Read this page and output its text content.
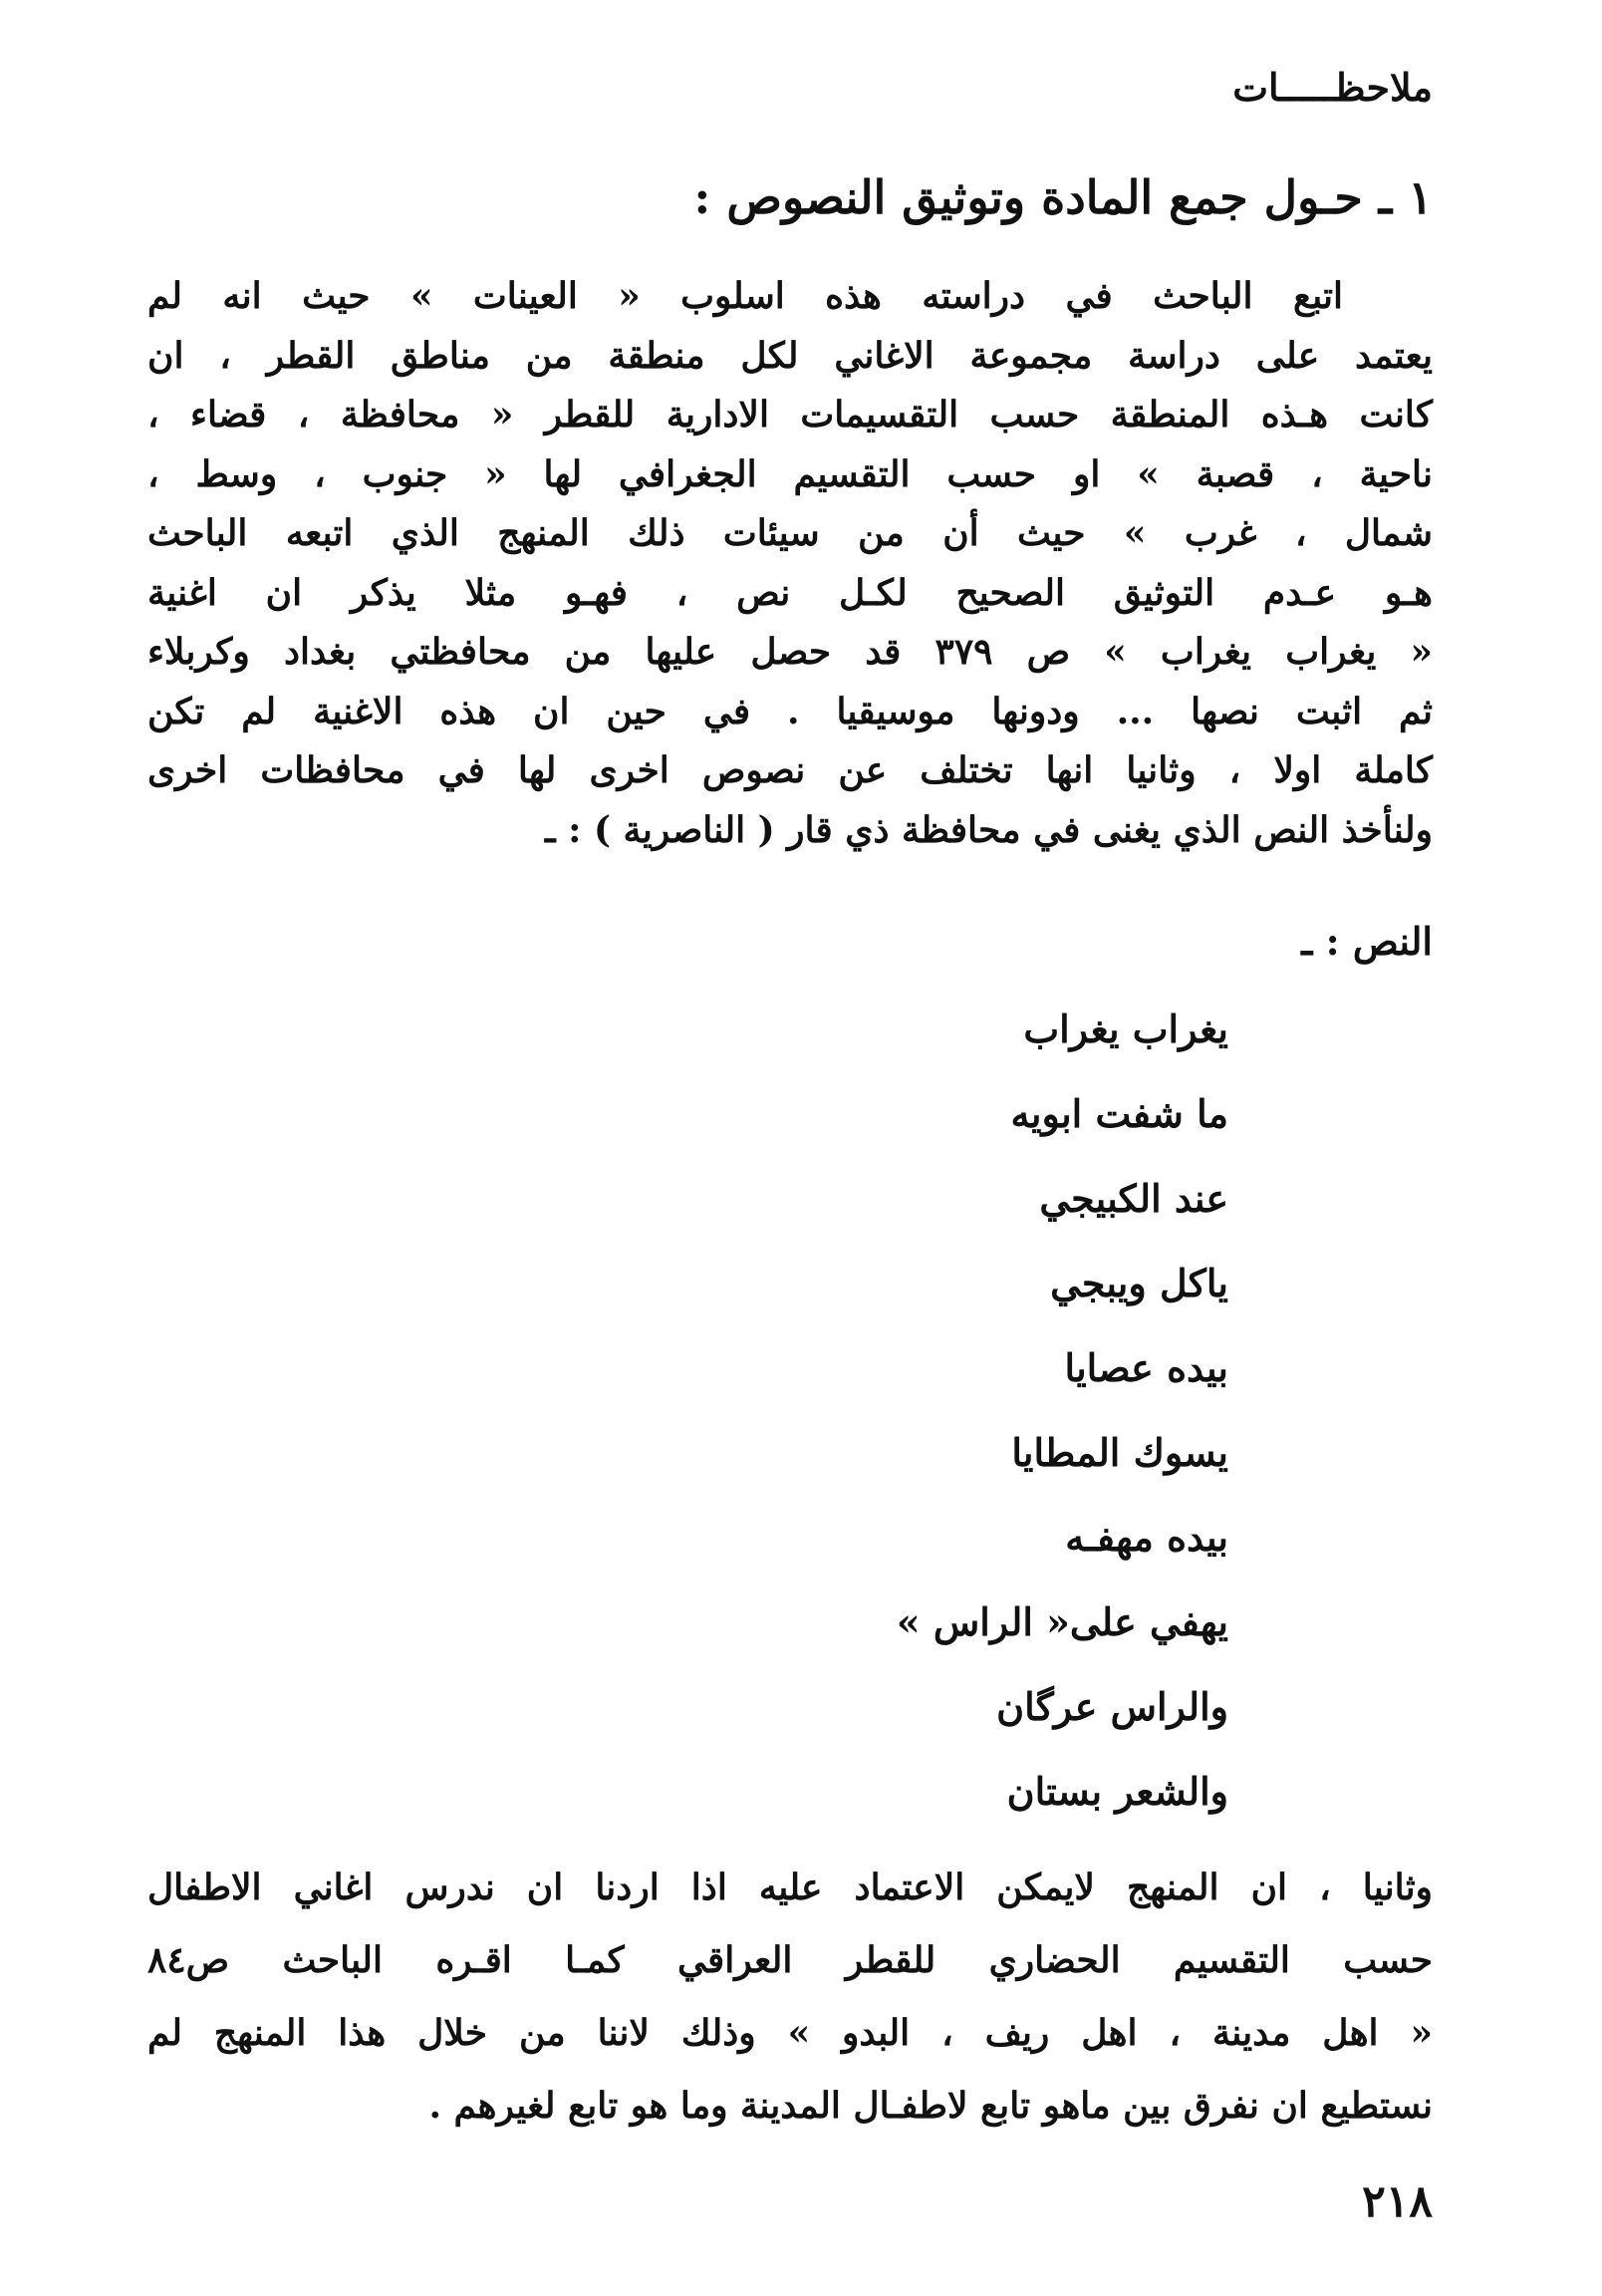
ملاحظـــــات
١ ـ حـول جمع المادة وتوثيق النصوص :

اتبع الباحث في دراسته هذه اسلوب « العينات » حيث انه لم
يعتمد على دراسة مجموعة الاغاني لكل منطقة من مناطق القطر ، ان
كانت هـذه المنطقة حسب التقسيمات الادارية للقطر « محافظة ، قضاء ،
ناحية ، قصبة » او حسب التقسيم الجغرافي لها « جنوب ، وسط ،
شمال ، غرب » حيث أن من سيئات ذلك المنهج الذي اتبعه الباحث
هـو عـدم التوثيق الصحيح لكـل نص ، فهـو مثلا يذكر ان اغنية
« يغراب يغراب » ص ٣٧٩ قد حصل عليها من محافظتي بغداد وكربلاء
ثم اثبت نصها ... ودونها موسيقيا . في حين ان هذه الاغنية لم تكن
كاملة اولا ، وثانيا انها تختلف عن نصوص اخرى لها في محافظات اخرى
ولنأخذ النص الذي يغنى في محافظة ذي قار ( الناصرية ) : ـ

النص : ـ
يغراب يغراب
ما شفت ابويه
عند الكبيجي
ياكل ويبجي
بيده عصايا
يسوك المطايا
بيده مهفـه
يهفي على« الراس »
والراس عرگان
والشعر بستان

وثانيا ، ان المنهج لايمكن الاعتماد عليه اذا اردنا ان ندرس اغاني الاطفال
حسب التقسيم الحضاري للقطر العراقي كمـا اقـره الباحث ص٨٤
« اهل مدينة ، اهل ريف ، البدو » وذلك لاننا من خلال هذا المنهج لم
نستطيع ان نفرق بين ماهو تابع لاطفـال المدينة وما هو تابع لغيرهم .

٢١٨
